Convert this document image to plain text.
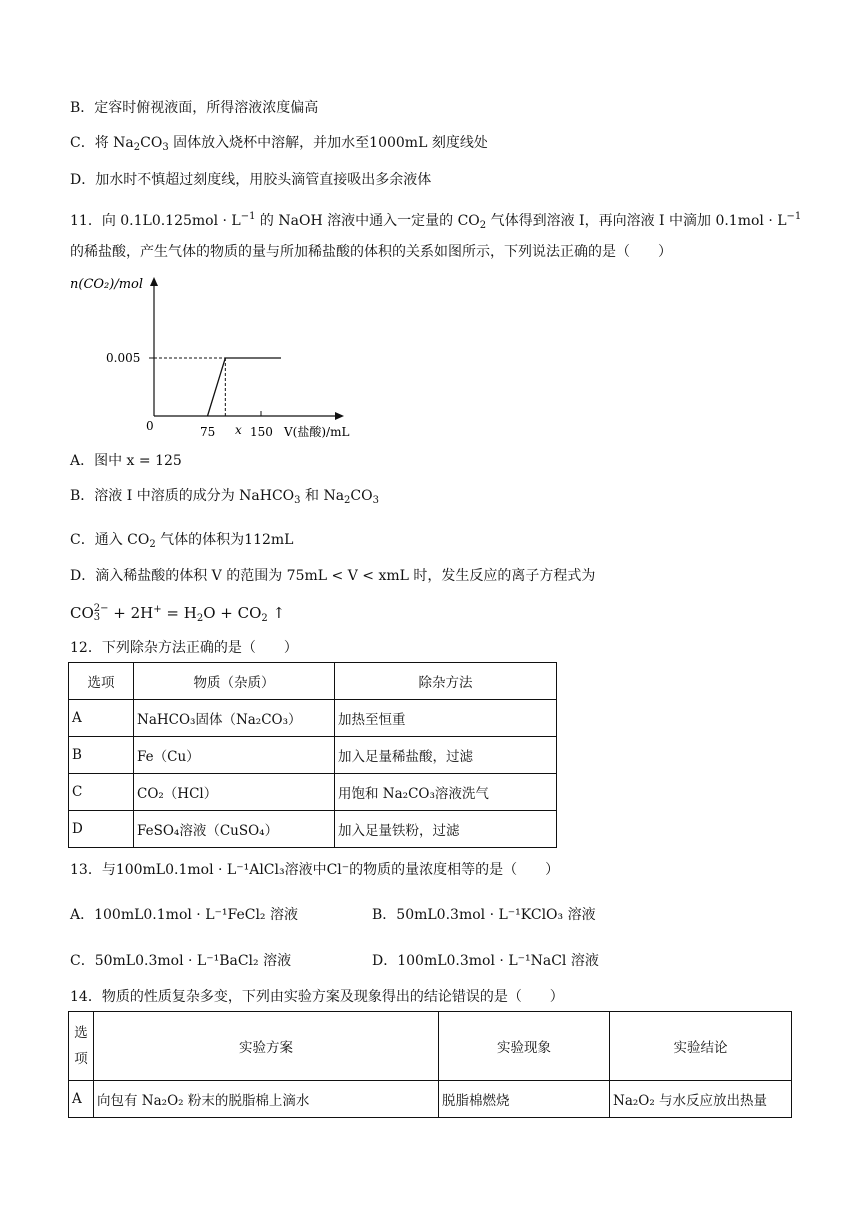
B．定容时俯视液面，所得溶液浓度偏高
C．将 $Na_2CO_3$ 固体放入烧杯中溶解，并加水至1000mL 刻度线处
D．加水时不慎超过刻度线，用胶头滴管直接吸出多余液体
11．向 $0.1L0.125mol \cdot L^{-1}$ 的 NaOH 溶液中通入一定量的 $CO_2$ 气体得到溶液 I，再向溶液 I 中滴加 $0.1mol \cdot L^{-1}$
的稀盐酸，产生气体的物质的量与所加稀盐酸的体积的关系如图所示，下列说法正确的是（　　）
n(CO₂)/mol
0	V(盐酸)/mL
0.005
75 x 150
A．图中 x = 125
B．溶液 I 中溶质的成分为 NaHCO$_3$ 和 $Na_2CO_3$
C．通入 $CO_2$ 气体的体积为112mL
D．滴入稀盐酸的体积 V 的范围为 75mL < V < xmL 时，发生反应的离子方程式为
CO 2−
$3 + 2H^+ = H_2O + CO_2$ ↑
12．下列除杂方法正确的是（　　）
选项	物质（杂质）	除杂方法
A	NaHCO₃固体（Na₂CO₃）	加热至恒重
B	Fe（Cu）	加入足量稀盐酸，过滤
C	CO₂（HCl）	用饱和 Na₂CO₃溶液洗气
D	FeSO₄溶液（CuSO₄）	加入足量铁粉，过滤
13．与100mL0.1mol · L⁻¹AlCl₃溶液中Cl⁻的物质的量浓度相等的是（　　）
A．100mL0.1mol · L⁻¹FeCl₂ 溶液	B．50mL0.3mol · L⁻¹KClO₃ 溶液
C．50mL0.3mol · L⁻¹BaCl₂ 溶液	D．100mL0.3mol · L⁻¹NaCl 溶液
14．物质的性质复杂多变，下列由实验方案及现象得出的结论错误的是（　　）
选
项	实验方案	实验现象	实验结论
A	向包有 Na₂O₂ 粉末的脱脂棉上滴水	脱脂棉燃烧	Na₂O₂ 与水反应放出热量
